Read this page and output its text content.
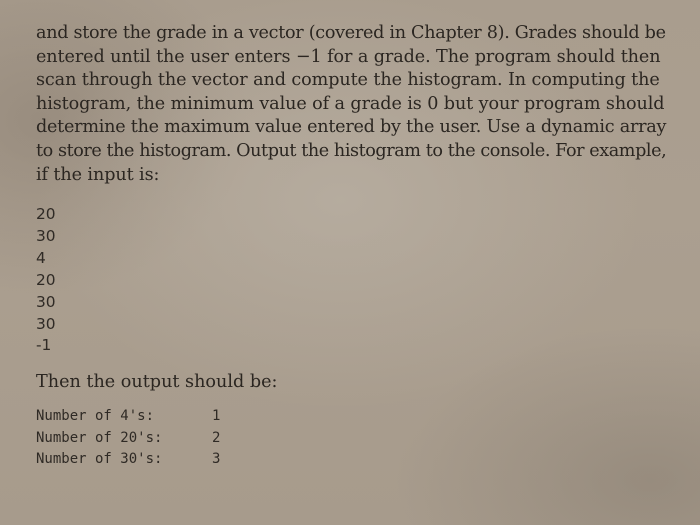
and store the grade in a vector (covered in Chapter 8). Grades should be
entered until the user enters −1 for a grade. The program should then
scan through the vector and compute the histogram. In computing the
histogram, the minimum value of a grade is 0 but your program should
determine the maximum value entered by the user. Use a dynamic array
to store the histogram. Output the histogram to the console. For example,
if the input is:

20
30
4
20
30
30
-1

Then the output should be:

Number of 4's:	1
Number of 20's:	2
Number of 30's:	3
